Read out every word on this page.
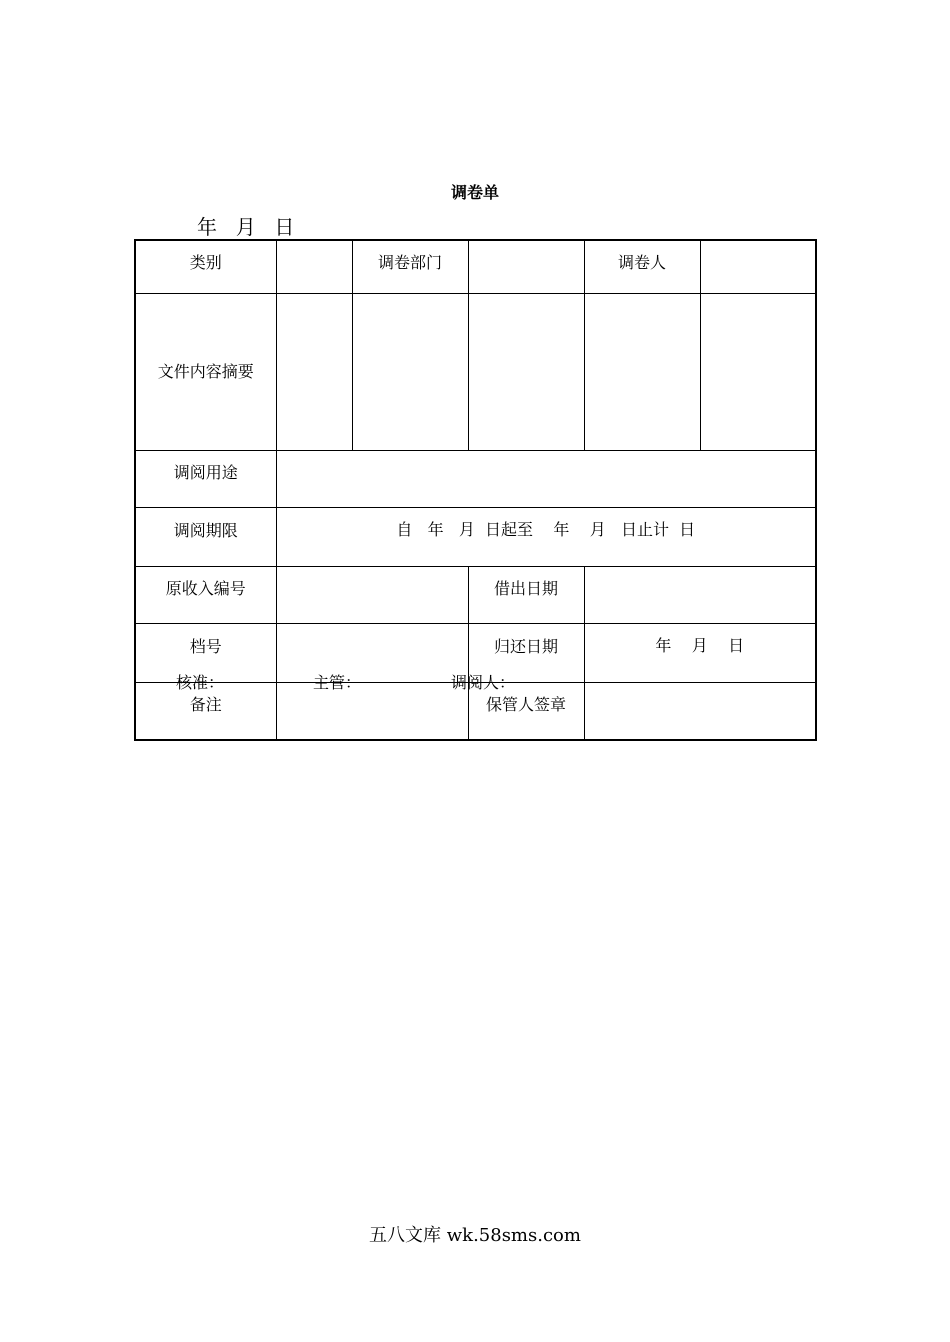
调卷单
年  月  日
类别		调卷部门		调卷人	
文件内容摘要					
调阅用途					
调阅期限	自   年   月  日起至    年    月   日止计  日				
原收入编号			借出日期		
档号			归还日期	年    月    日	
备注			保管人签章		
核准：	主管：	调阅人：
五八文库 wk.58sms.com
